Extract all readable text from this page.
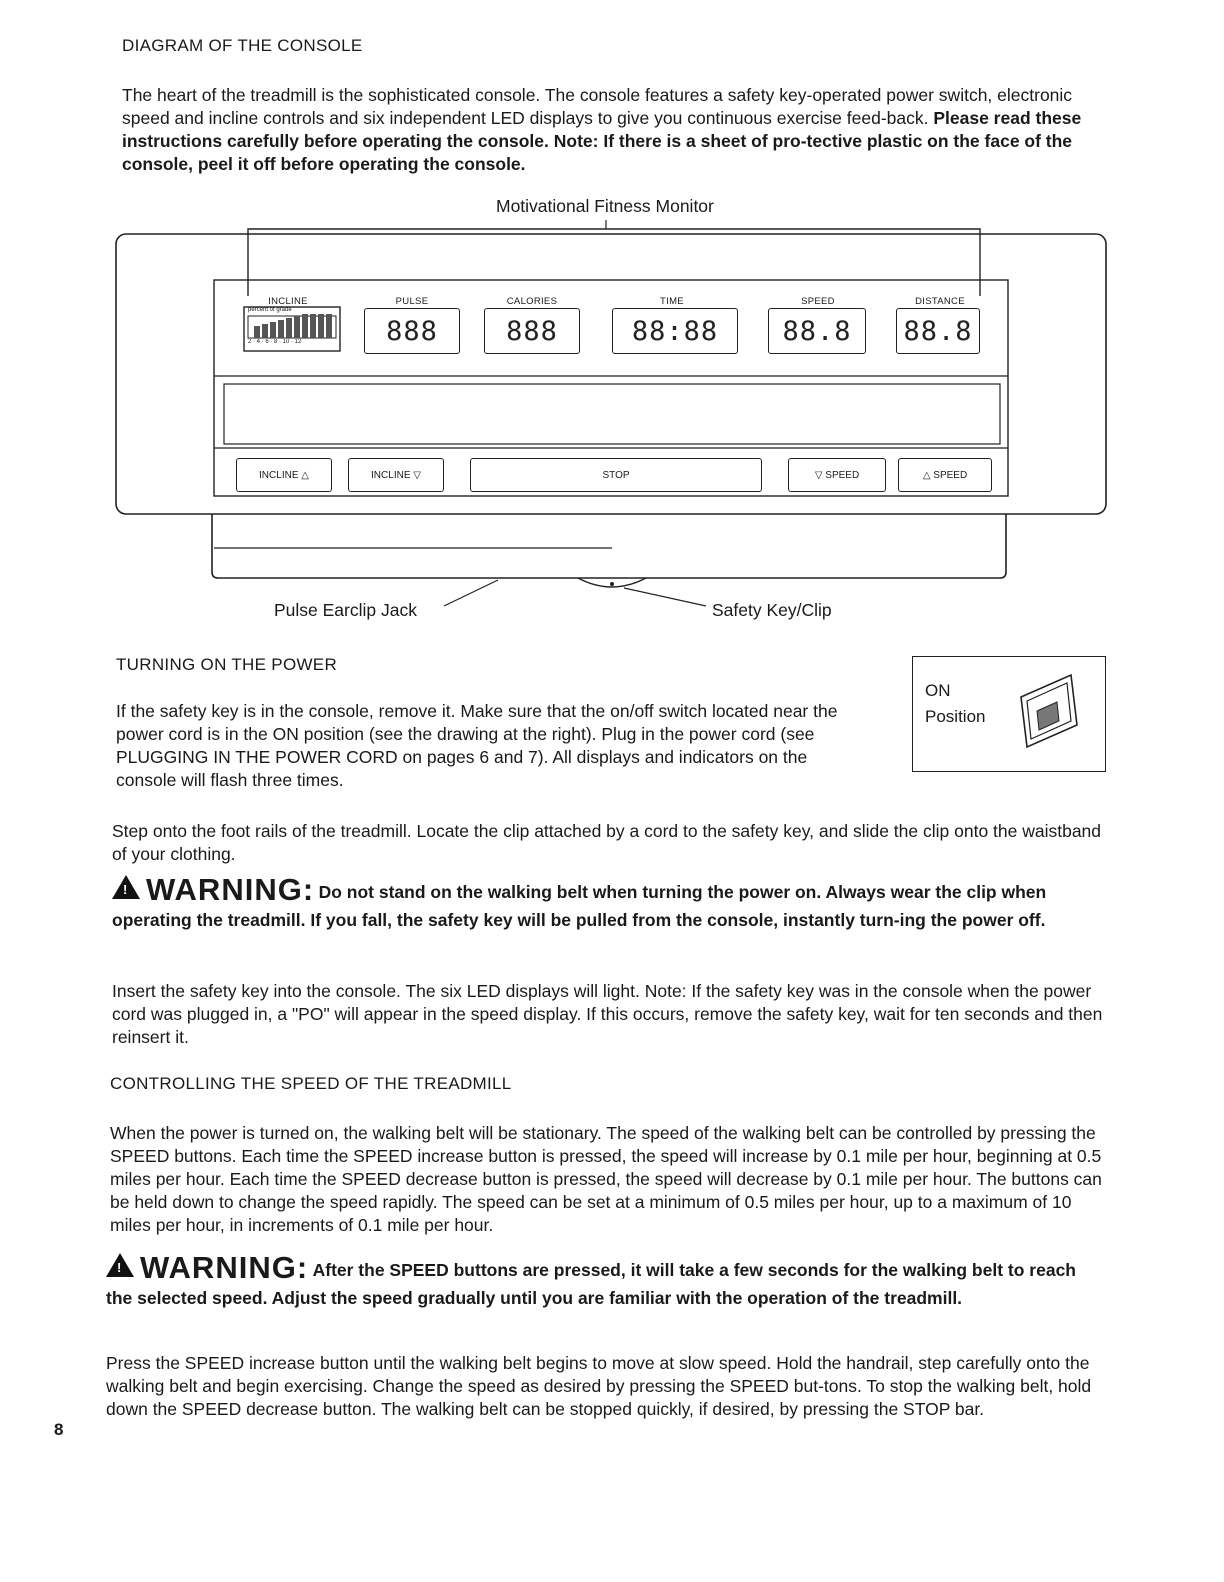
DIAGRAM OF THE CONSOLE
The heart of the treadmill is the sophisticated console. The console features a safety key-operated power switch, electronic speed and incline controls and six independent LED displays to give you continuous exercise feed-back. Please read these instructions carefully before operating the console. Note: If there is a sheet of pro-tective plastic on the face of the console, peel it off before operating the console.
Motivational Fitness Monitor
percent of grade
2 · 4 · 6 · 8 · 10 · 12
INCLINE	PULSE	CALORIES	TIME	SPEED	DISTANCE
888	888	88:88	88.8	88.8
INCLINE △	INCLINE ▽	STOP	▽ SPEED	△ SPEED
Pulse Earclip Jack	Safety Key/Clip
TURNING ON THE POWER
If the safety key is in the console, remove it. Make sure that the on/off switch located near the power cord is in the ON position (see the drawing at the right). Plug in the power cord (see PLUGGING IN THE POWER CORD on pages 6 and 7). All displays and indicators on the console will flash three times.
ON
Position
Step onto the foot rails of the treadmill. Locate the clip attached by a cord to the safety key, and slide the clip onto the waistband of your clothing.
!WARNING: Do not stand on the walking belt when turning the power on. Always wear the clip when operating the treadmill. If you fall, the safety key will be pulled from the console, instantly turn-ing the power off.
Insert the safety key into the console. The six LED displays will light. Note: If the safety key was in the console when the power cord was plugged in, a "PO" will appear in the speed display. If this occurs, remove the safety key, wait for ten seconds and then reinsert it.
CONTROLLING THE SPEED OF THE TREADMILL
When the power is turned on, the walking belt will be stationary. The speed of the walking belt can be controlled by pressing the SPEED buttons. Each time the SPEED increase button is pressed, the speed will increase by 0.1 mile per hour, beginning at 0.5 miles per hour. Each time the SPEED decrease button is pressed, the speed will decrease by 0.1 mile per hour. The buttons can be held down to change the speed rapidly. The speed can be set at a minimum of 0.5 miles per hour, up to a maximum of 10 miles per hour, in increments of 0.1 mile per hour.
!WARNING: After the SPEED buttons are pressed, it will take a few seconds for the walking belt to reach the selected speed. Adjust the speed gradually until you are familiar with the operation of the treadmill.
Press the SPEED increase button until the walking belt begins to move at slow speed. Hold the handrail, step carefully onto the walking belt and begin exercising. Change the speed as desired by pressing the SPEED but-tons. To stop the walking belt, hold down the SPEED decrease button. The walking belt can be stopped quickly, if desired, by pressing the STOP bar.
8
